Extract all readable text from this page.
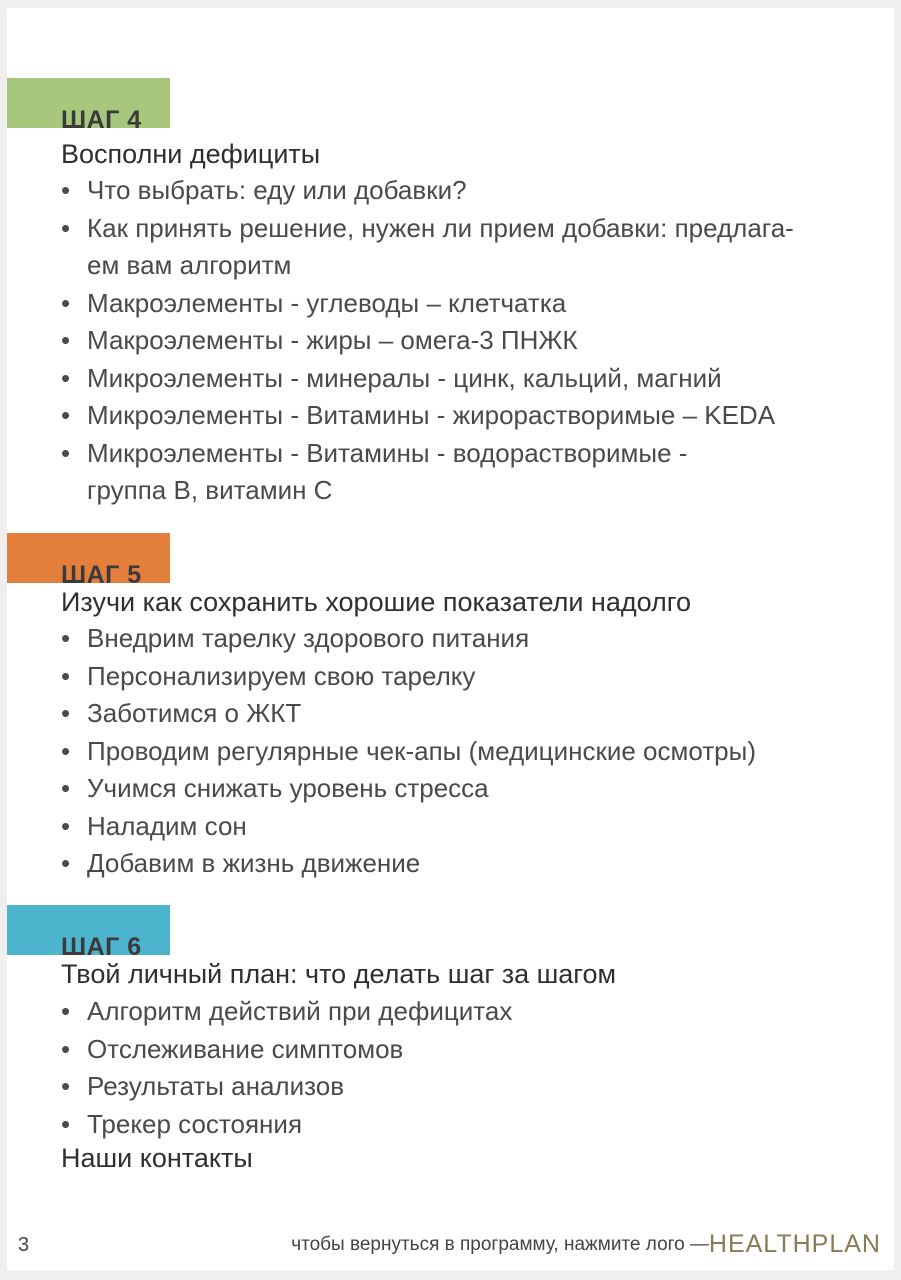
ШАГ 4
Восполни дефициты
• Что выбрать: еду или добавки?
• Как принять решение, нужен ли прием добавки: предлага-
ем вам алгоритм
• Макроэлементы - углеводы – клетчатка
• Макроэлементы - жиры – омега-3 ПНЖК
• Микроэлементы - минералы - цинк, кальций, магний
• Микроэлементы - Витамины - жирорастворимые – KEDA
• Микроэлементы - Витамины - водорастворимые -
группа B, витамин C
ШАГ 5
Изучи как сохранить хорошие показатели надолго
• Внедрим тарелку здорового питания
• Персонализируем свою тарелку
• Заботимся о ЖКТ
• Проводим регулярные чек-апы (медицинские осмотры)
• Учимся снижать уровень стресса
• Наладим сон
• Добавим в жизнь движение
ШАГ 6
Твой личный план: что делать шаг за шагом
• Алгоритм действий при дефицитах
• Отслеживание симптомов
• Результаты анализов
• Трекер состояния
Наши контакты
3	чтобы вернуться в программу, нажмите лого — HEALTHPLAN
